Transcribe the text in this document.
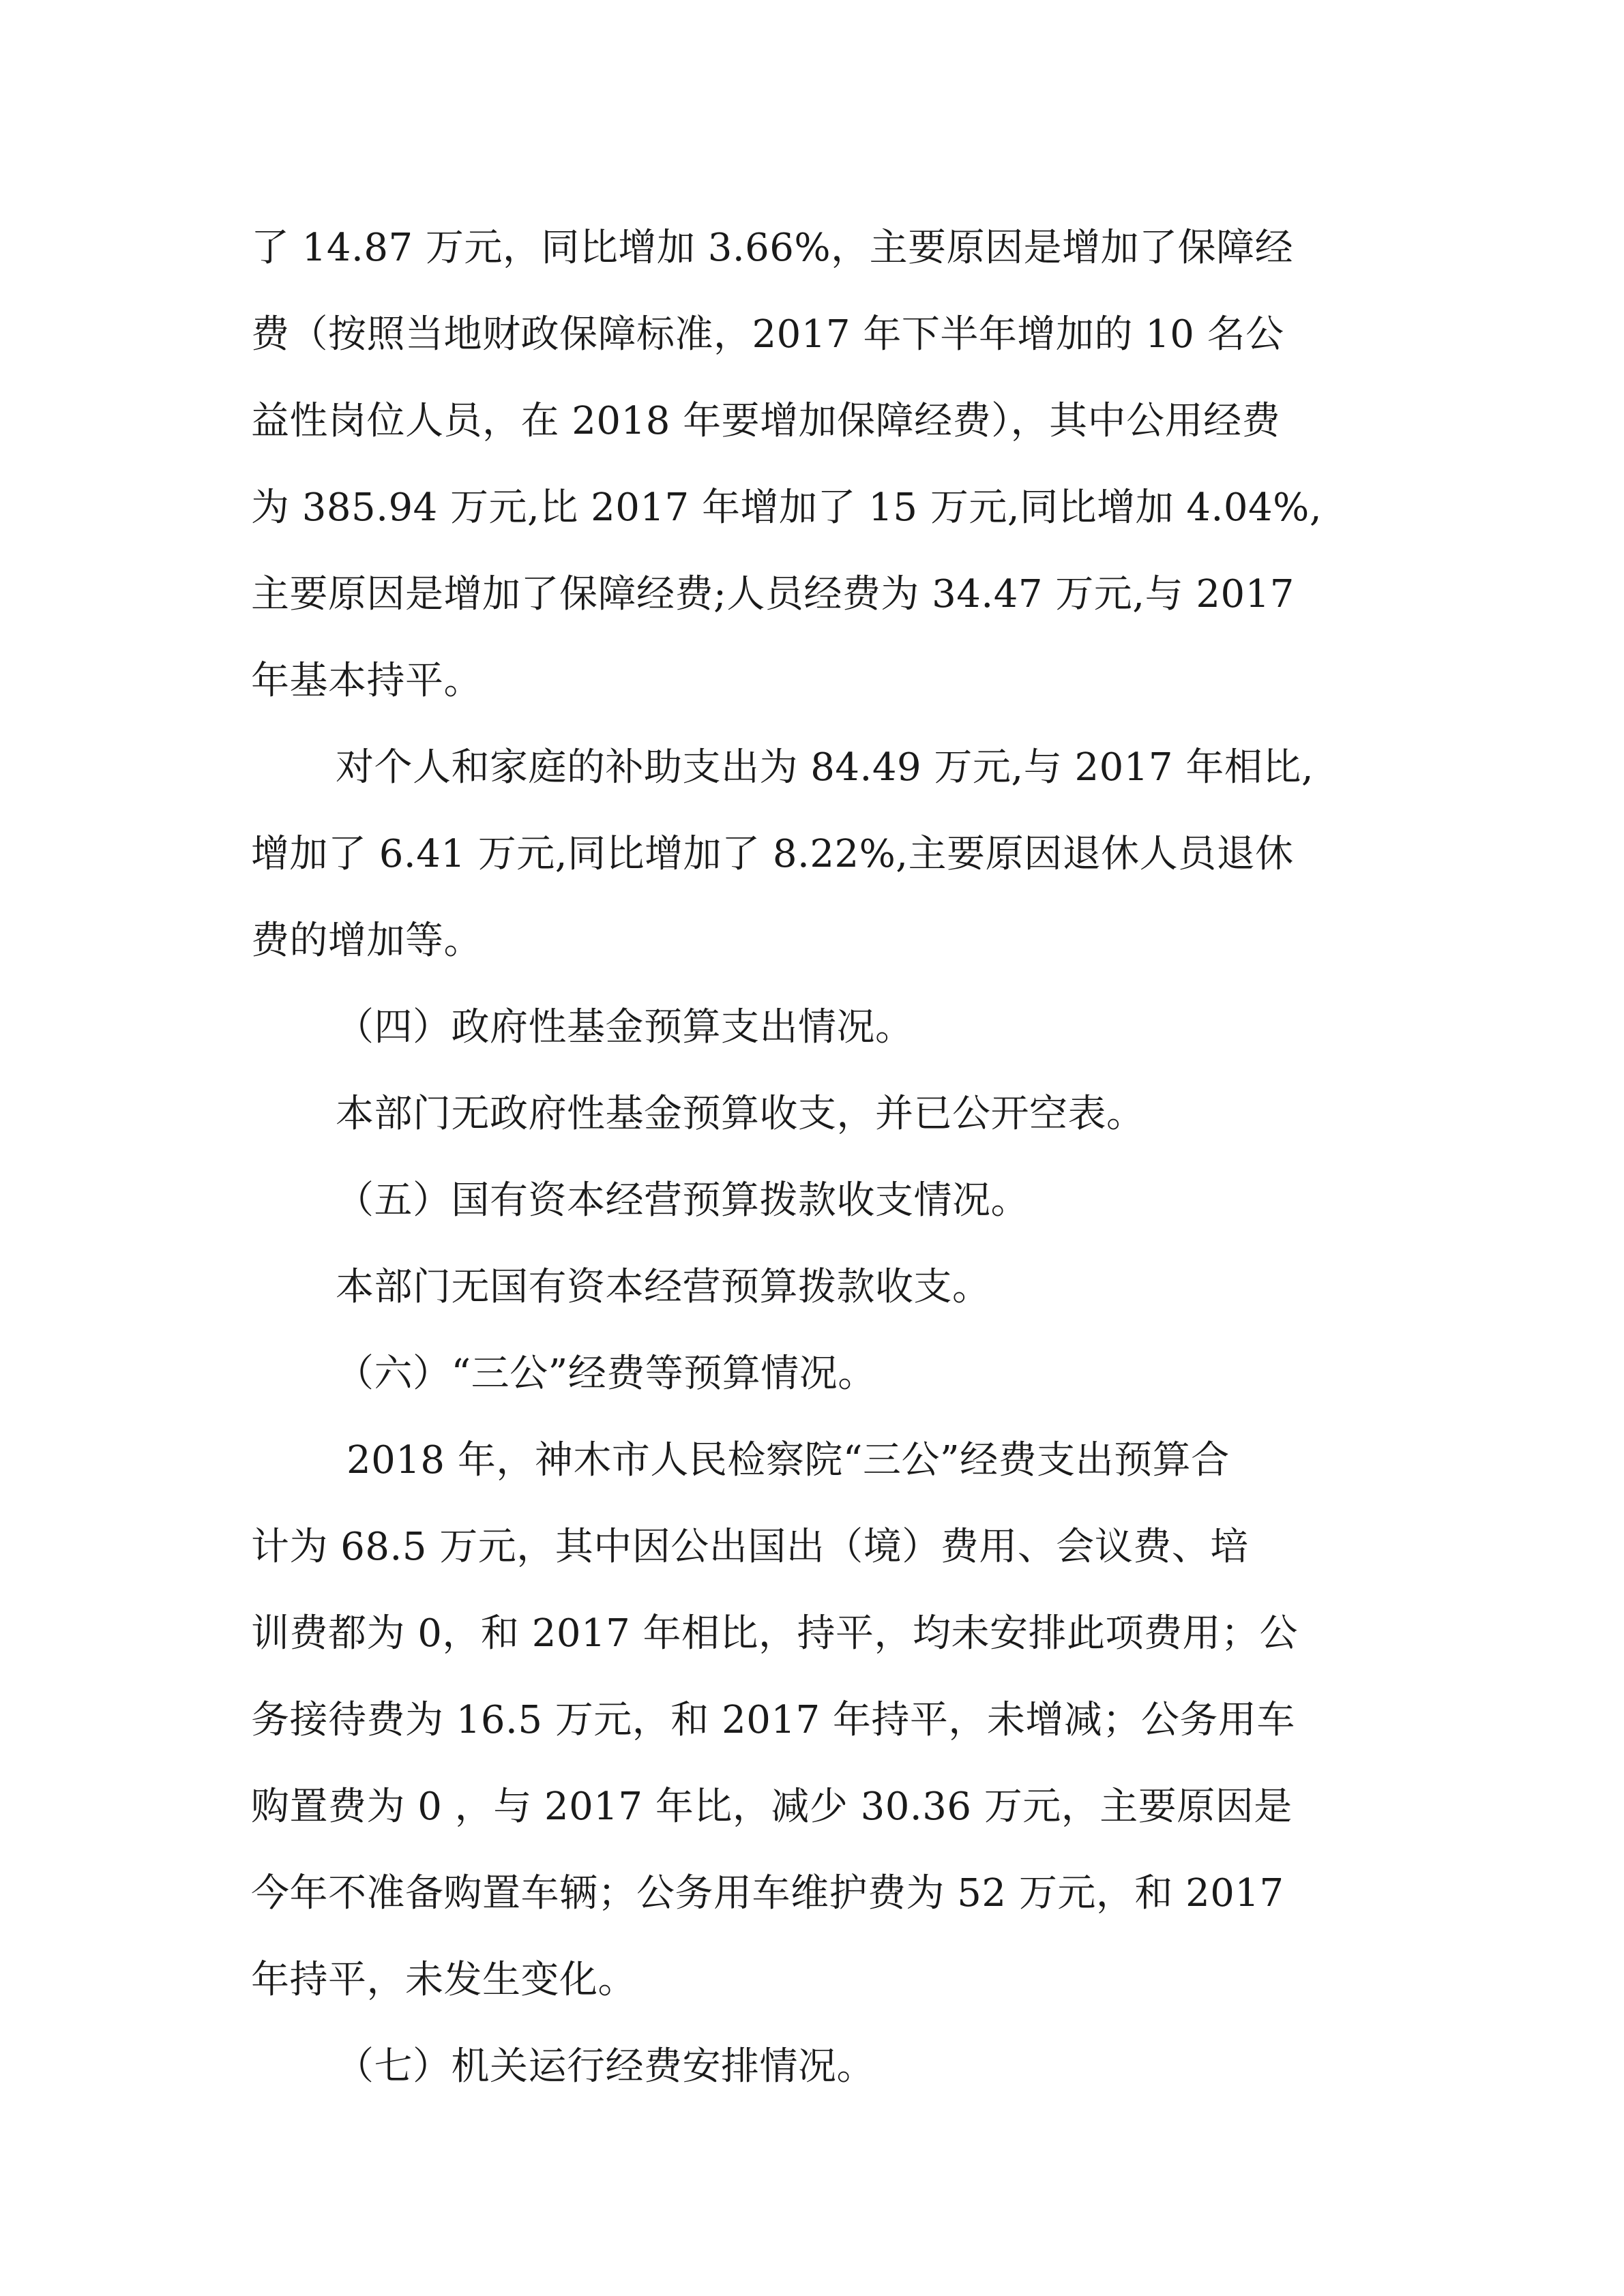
了 14.87 万元，同比增加 3.66%，主要原因是增加了保障经
费（按照当地财政保障标准，2017 年下半年增加的 10 名公
益性岗位人员，在 2018 年要增加保障经费），其中公用经费
为 385.94 万元,比 2017 年增加了 15 万元,同比增加 4.04%,
主要原因是增加了保障经费;人员经费为 34.47 万元,与 2017
年基本持平。
对个人和家庭的补助支出为 84.49 万元,与 2017 年相比,
增加了 6.41 万元,同比增加了 8.22%,主要原因退休人员退休
费的增加等。
（四）政府性基金预算支出情况。
本部门无政府性基金预算收支，并已公开空表。
（五）国有资本经营预算拨款收支情况。
本部门无国有资本经营预算拨款收支。
（六）“三公”经费等预算情况。
2018 年，神木市人民检察院“三公”经费支出预算合
计为 68.5 万元，其中因公出国出（境）费用、会议费、培
训费都为 0，和 2017 年相比，持平，均未安排此项费用；公
务接待费为 16.5 万元，和 2017 年持平，未增减；公务用车
购置费为 0 ，与 2017 年比，减少 30.36 万元，主要原因是
今年不准备购置车辆；公务用车维护费为 52 万元，和 2017
年持平，未发生变化。
（七）机关运行经费安排情况。
